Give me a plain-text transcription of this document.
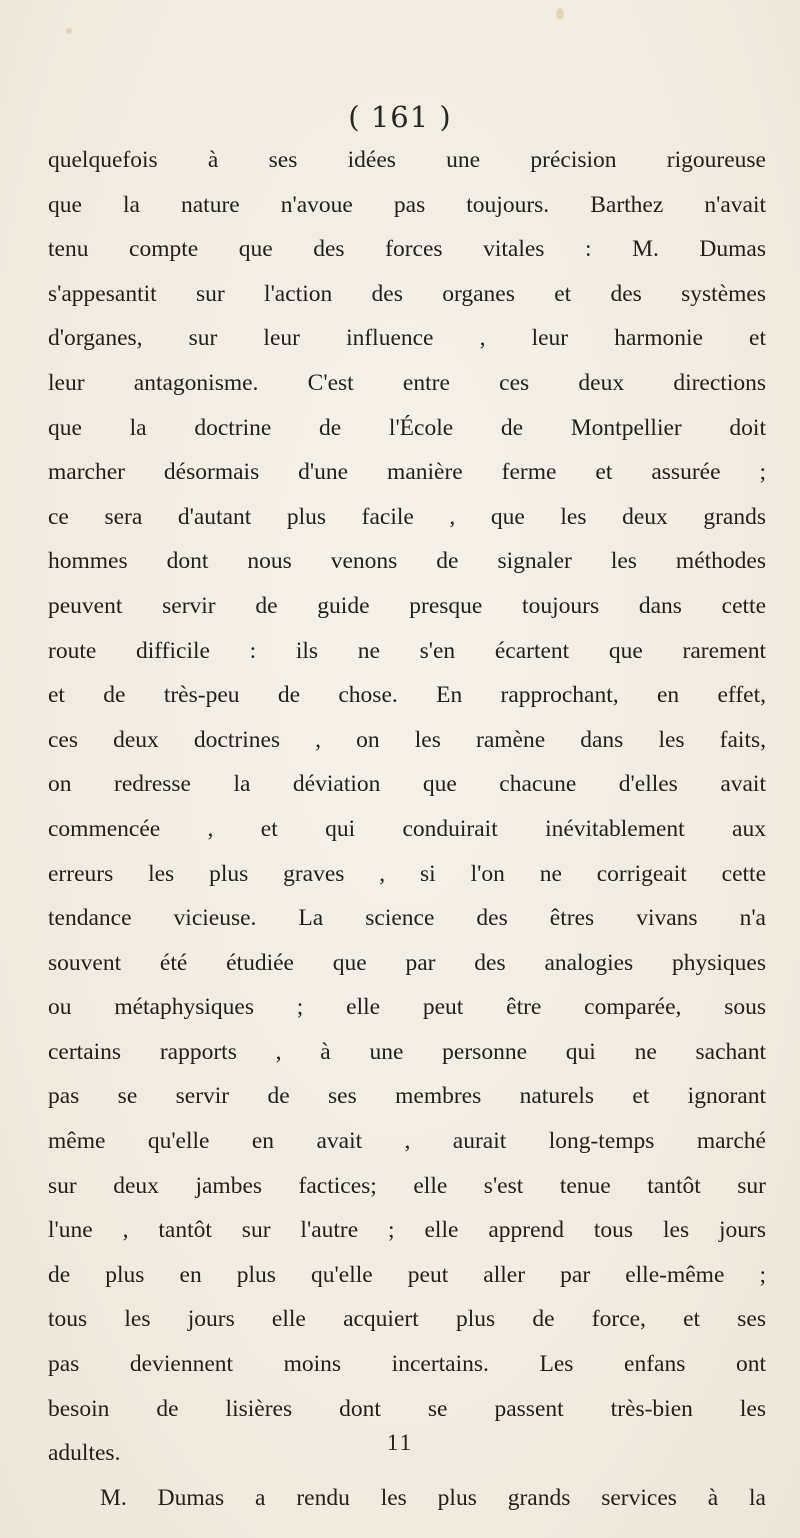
( 161 )
quelquefois à ses idées une précision rigoureuse
que la nature n'avoue pas toujours. Barthez n'avait
tenu compte que des forces vitales : M. Dumas
s'appesantit sur l'action des organes et des systèmes
d'organes, sur leur influence , leur harmonie et
leur antagonisme. C'est entre ces deux directions
que la doctrine de l'École de Montpellier doit
marcher désormais d'une manière ferme et assurée ;
ce sera d'autant plus facile , que les deux grands
hommes dont nous venons de signaler les méthodes
peuvent servir de guide presque toujours dans cette
route difficile : ils ne s'en écartent que rarement
et de très-peu de chose. En rapprochant, en effet,
ces deux doctrines , on les ramène dans les faits,
on redresse la déviation que chacune d'elles avait
commencée , et qui conduirait inévitablement aux
erreurs les plus graves , si l'on ne corrigeait cette
tendance vicieuse. La science des êtres vivans n'a
souvent été étudiée que par des analogies physiques
ou métaphysiques ; elle peut être comparée, sous
certains rapports , à une personne qui ne sachant
pas se servir de ses membres naturels et ignorant
même qu'elle en avait , aurait long-temps marché
sur deux jambes factices; elle s'est tenue tantôt sur
l'une , tantôt sur l'autre ; elle apprend tous les jours
de plus en plus qu'elle peut aller par elle-même ;
tous les jours elle acquiert plus de force, et ses
pas deviennent moins incertains. Les enfans ont
besoin de lisières dont se passent très-bien les
adultes.
M. Dumas a rendu les plus grands services à la
11
